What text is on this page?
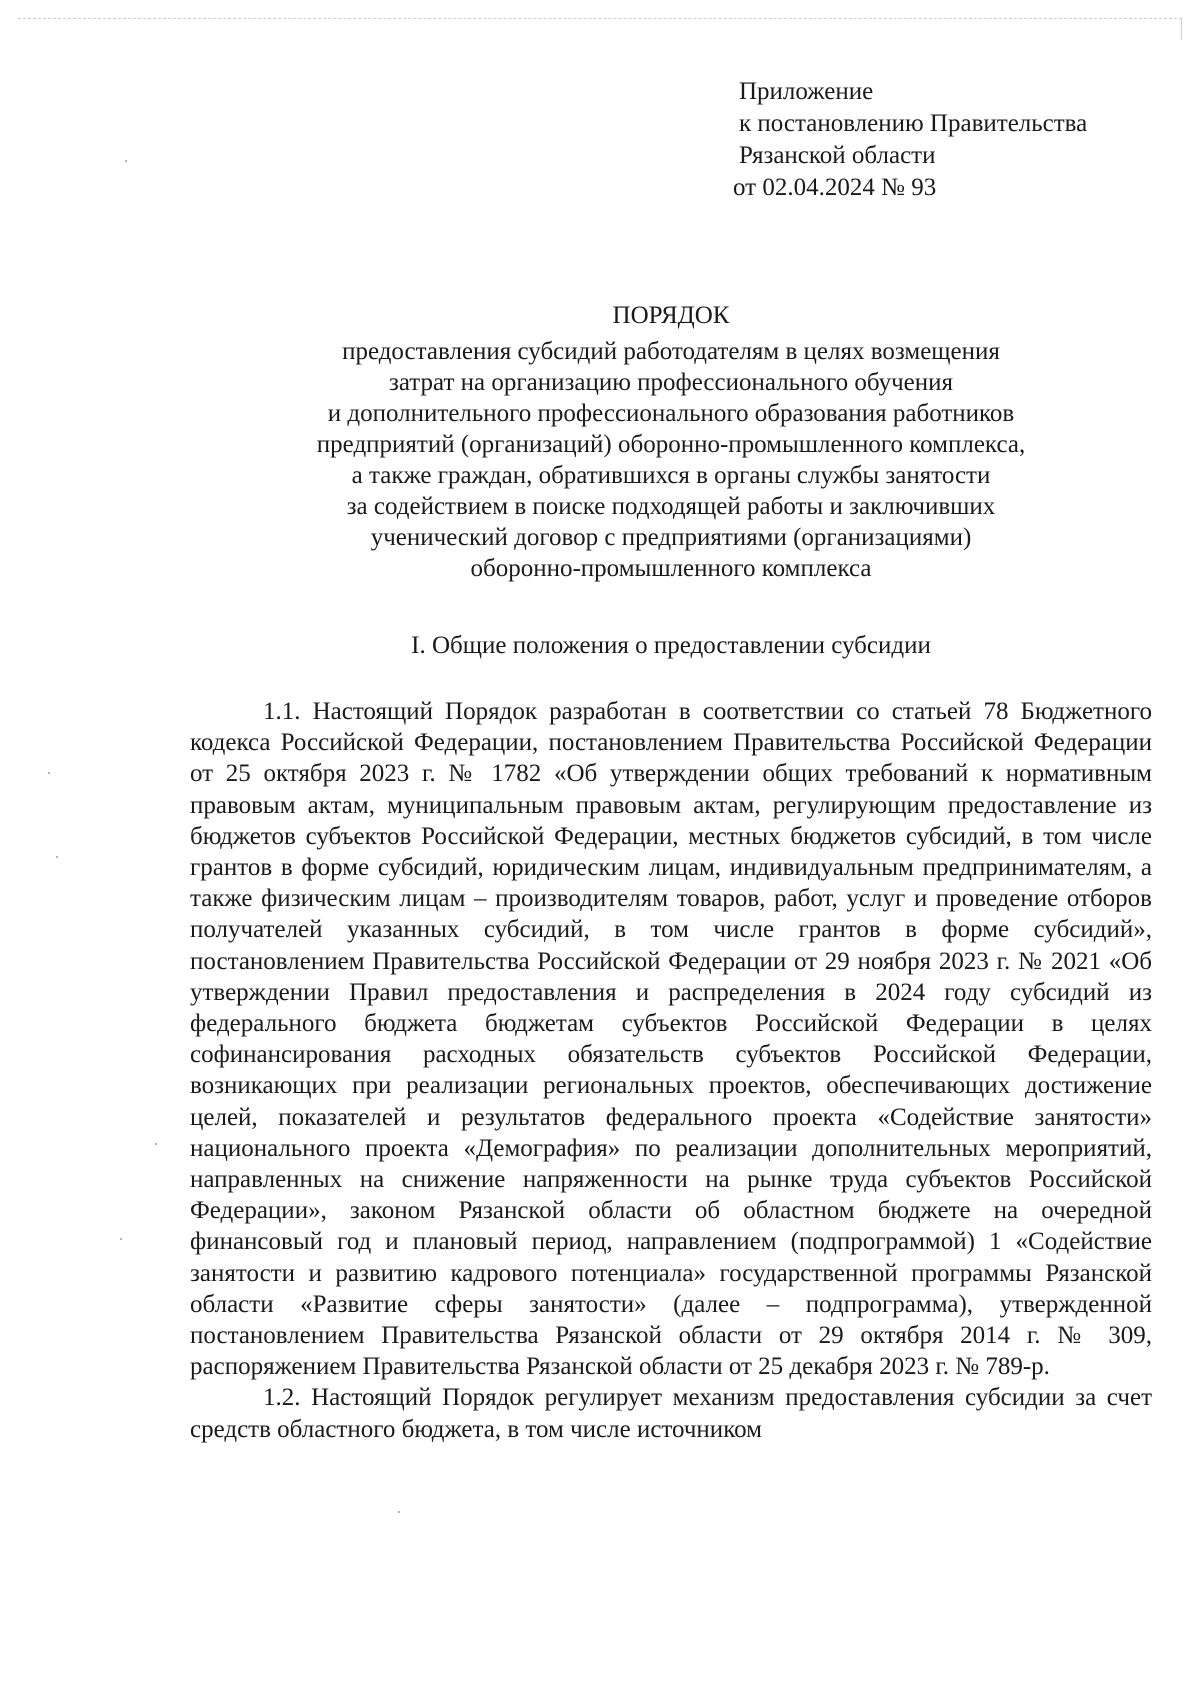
Приложение
к постановлению Правительства
Рязанской области
от 02.04.2024 № 93
ПОРЯДОК
предоставления субсидий работодателям в целях возмещения
затрат на организацию профессионального обучения
и дополнительного профессионального образования работников
предприятий (организаций) оборонно-промышленного комплекса,
а также граждан, обратившихся в органы службы занятости
за содействием в поиске подходящей работы и заключивших
ученический договор с предприятиями (организациями)
оборонно-промышленного комплекса
I. Общие положения о предоставлении субсидии

1.1. Настоящий Порядок разработан в соответствии со статьей 78 Бюджетного кодекса Российской Федерации, постановлением Правительства Российской Федерации от 25 октября 2023 г. № 1782 «Об утверждении общих требований к нормативным правовым актам, муниципальным правовым актам, регулирующим предоставление из бюджетов субъектов Российской Федерации, местных бюджетов субсидий, в том числе грантов в форме субсидий, юридическим лицам, индивидуальным предпринимателям, а также физическим лицам – производителям товаров, работ, услуг и проведение отборов получателей указанных субсидий, в том числе грантов в форме субсидий», постановлением Правительства Российской Федерации от 29 ноября 2023 г. № 2021 «Об утверждении Правил предоставления и распределения в 2024 году субсидий из федерального бюджета бюджетам субъектов Российской Федерации в целях софинансирования расходных обязательств субъектов Российской Федерации, возникающих при реализации региональных проектов, обеспечивающих достижение целей, показателей и результатов федерального проекта «Содействие занятости» национального проекта «Демография» по реализации дополнительных мероприятий, направленных на снижение напряженности на рынке труда субъектов Российской Федерации», законом Рязанской области об областном бюджете на очередной финансовый год и плановый период, направлением (подпрограммой) 1 «Содействие занятости и развитию кадрового потенциала» государственной программы Рязанской области «Развитие сферы занятости» (далее – подпрограмма), утвержденной постановлением Правительства Рязанской области от 29 октября 2014 г. № 309, распоряжением Правительства Рязанской области от 25 декабря 2023 г. № 789-р.

1.2. Настоящий Порядок регулирует механизм предоставления субсидии за счет средств областного бюджета, в том числе источником
